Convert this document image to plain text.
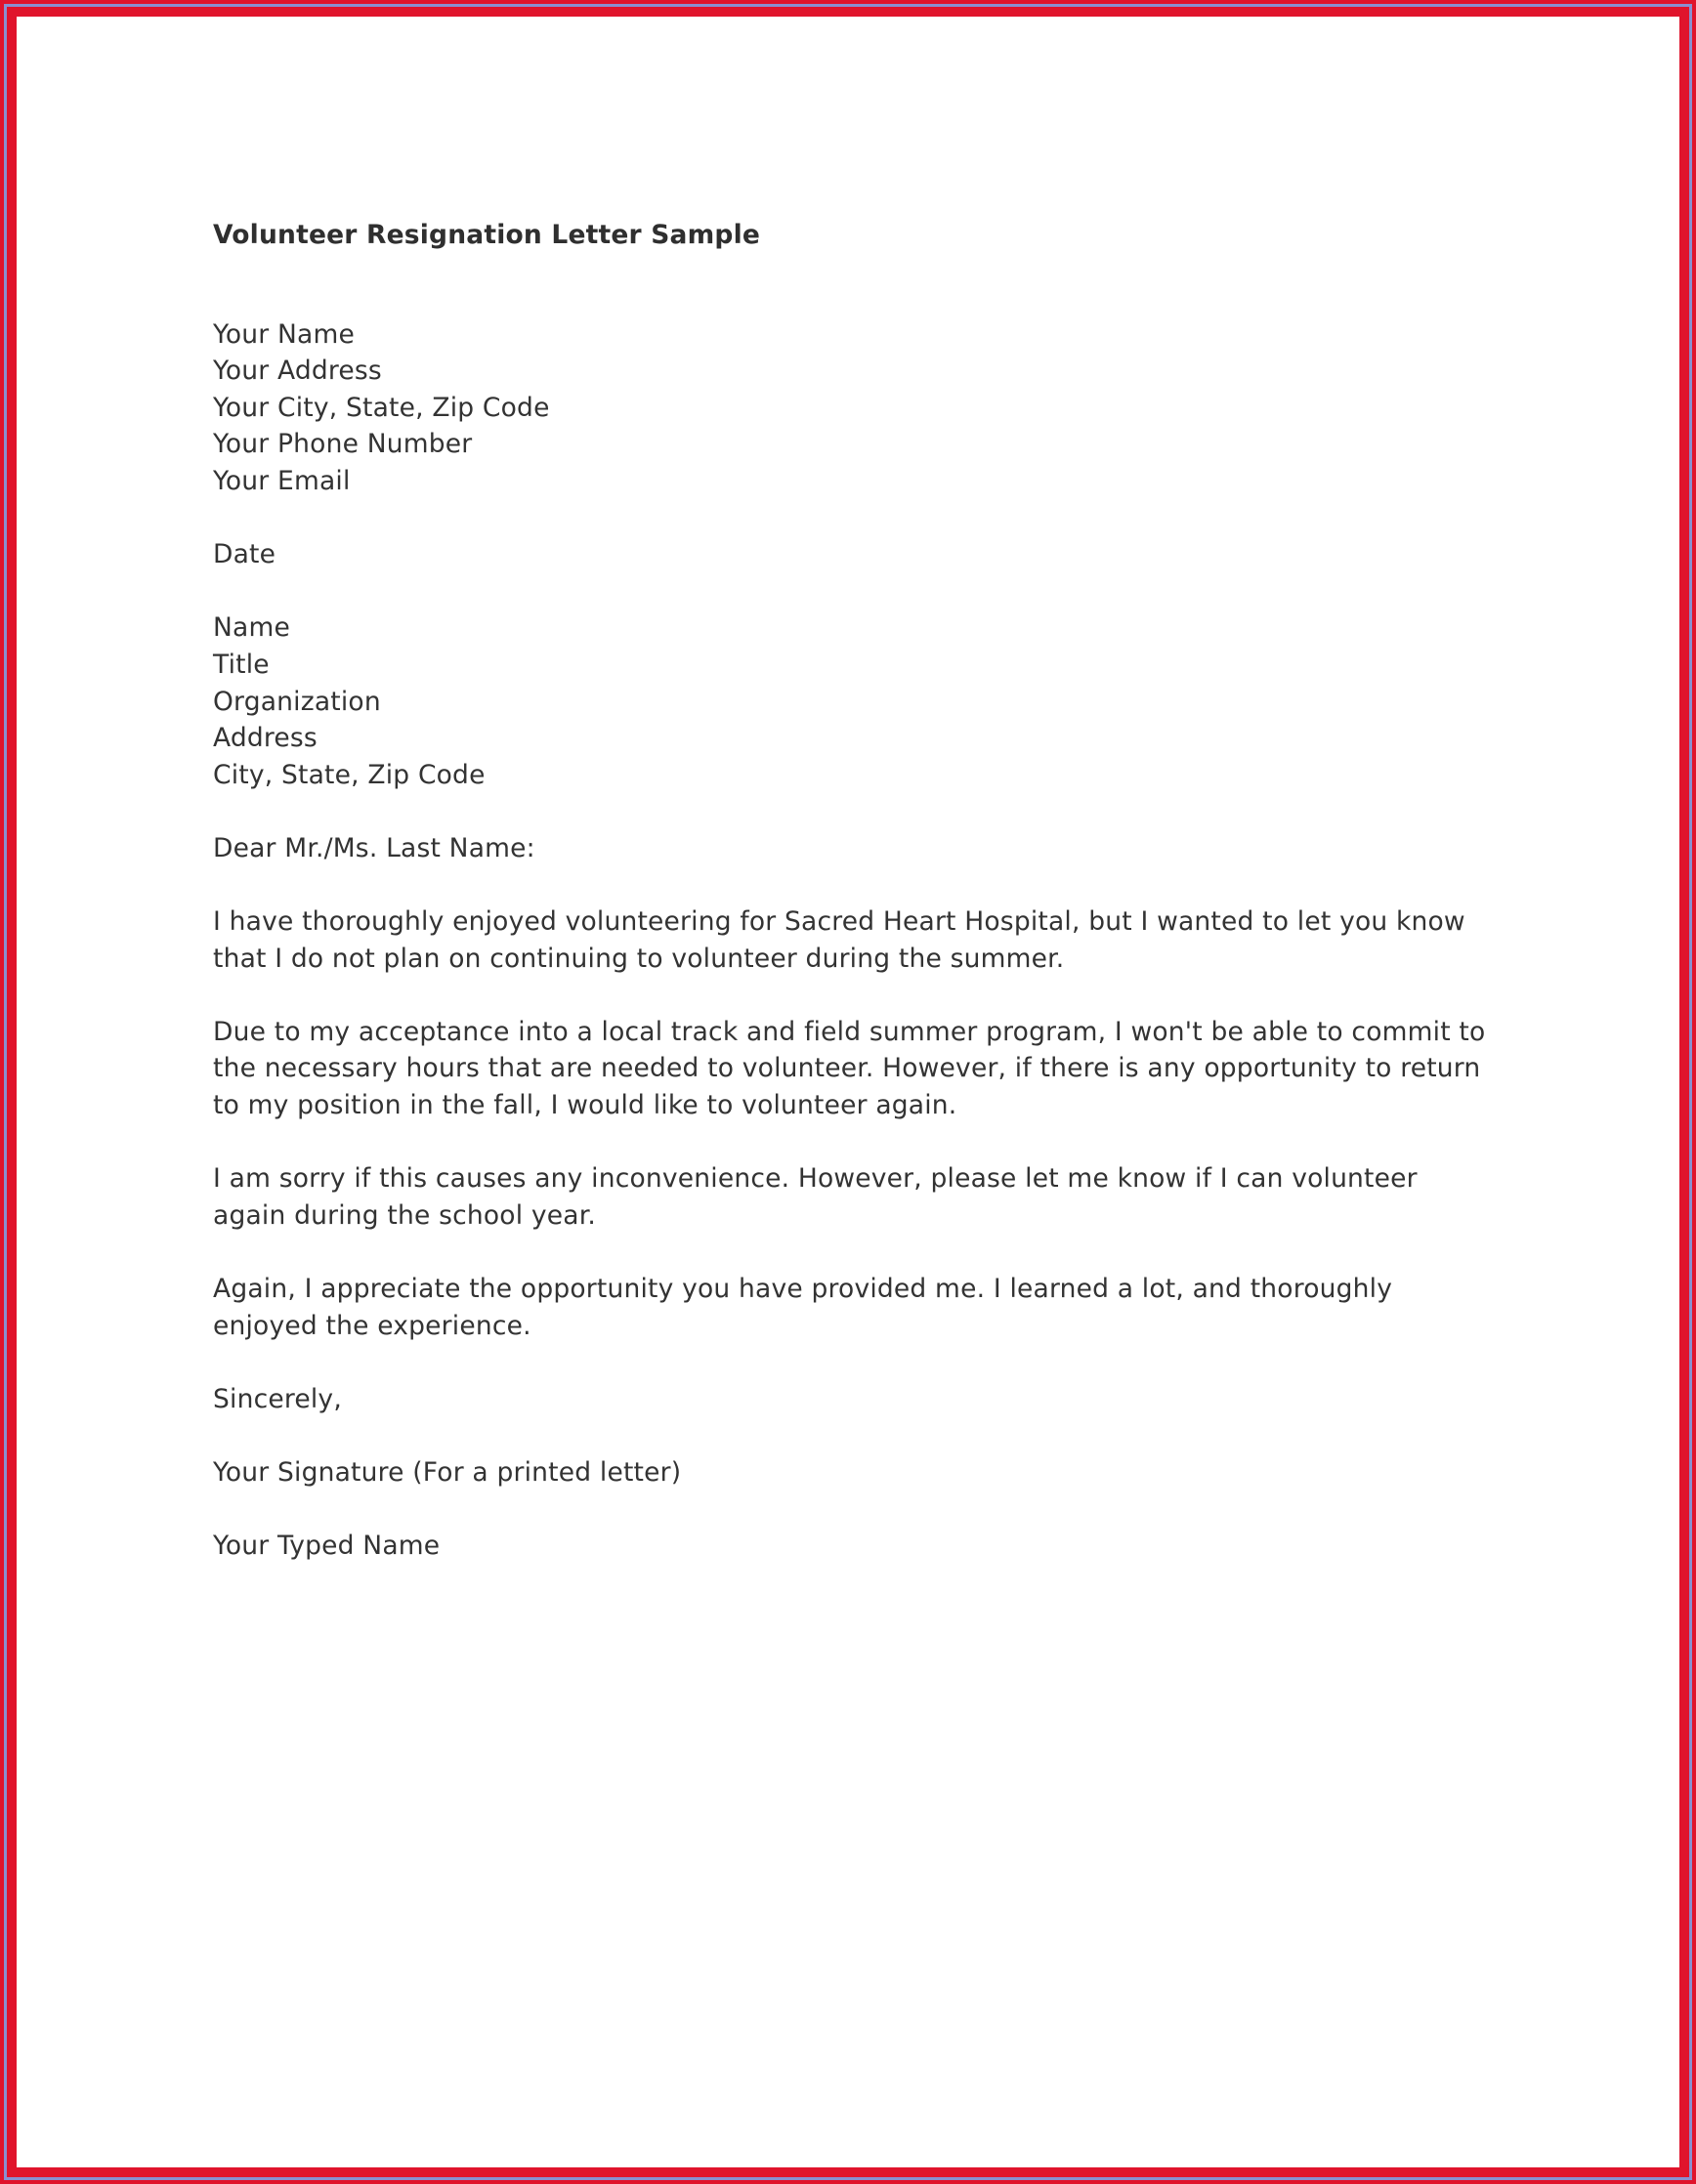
Volunteer Resignation Letter Sample

Your Name
Your Address
Your City, State, Zip Code
Your Phone Number
Your Email
Date
Name
Title
Organization
Address
City, State, Zip Code
Dear Mr./Ms. Last Name:
I have thoroughly enjoyed volunteering for Sacred Heart Hospital, but I wanted to let you know
that I do not plan on continuing to volunteer during the summer.
Due to my acceptance into a local track and field summer program, I won't be able to commit to
the necessary hours that are needed to volunteer. However, if there is any opportunity to return
to my position in the fall, I would like to volunteer again.
I am sorry if this causes any inconvenience. However, please let me know if I can volunteer
again during the school year.
Again, I appreciate the opportunity you have provided me. I learned a lot, and thoroughly
enjoyed the experience.
Sincerely,
Your Signature (For a printed letter)
Your Typed Name
